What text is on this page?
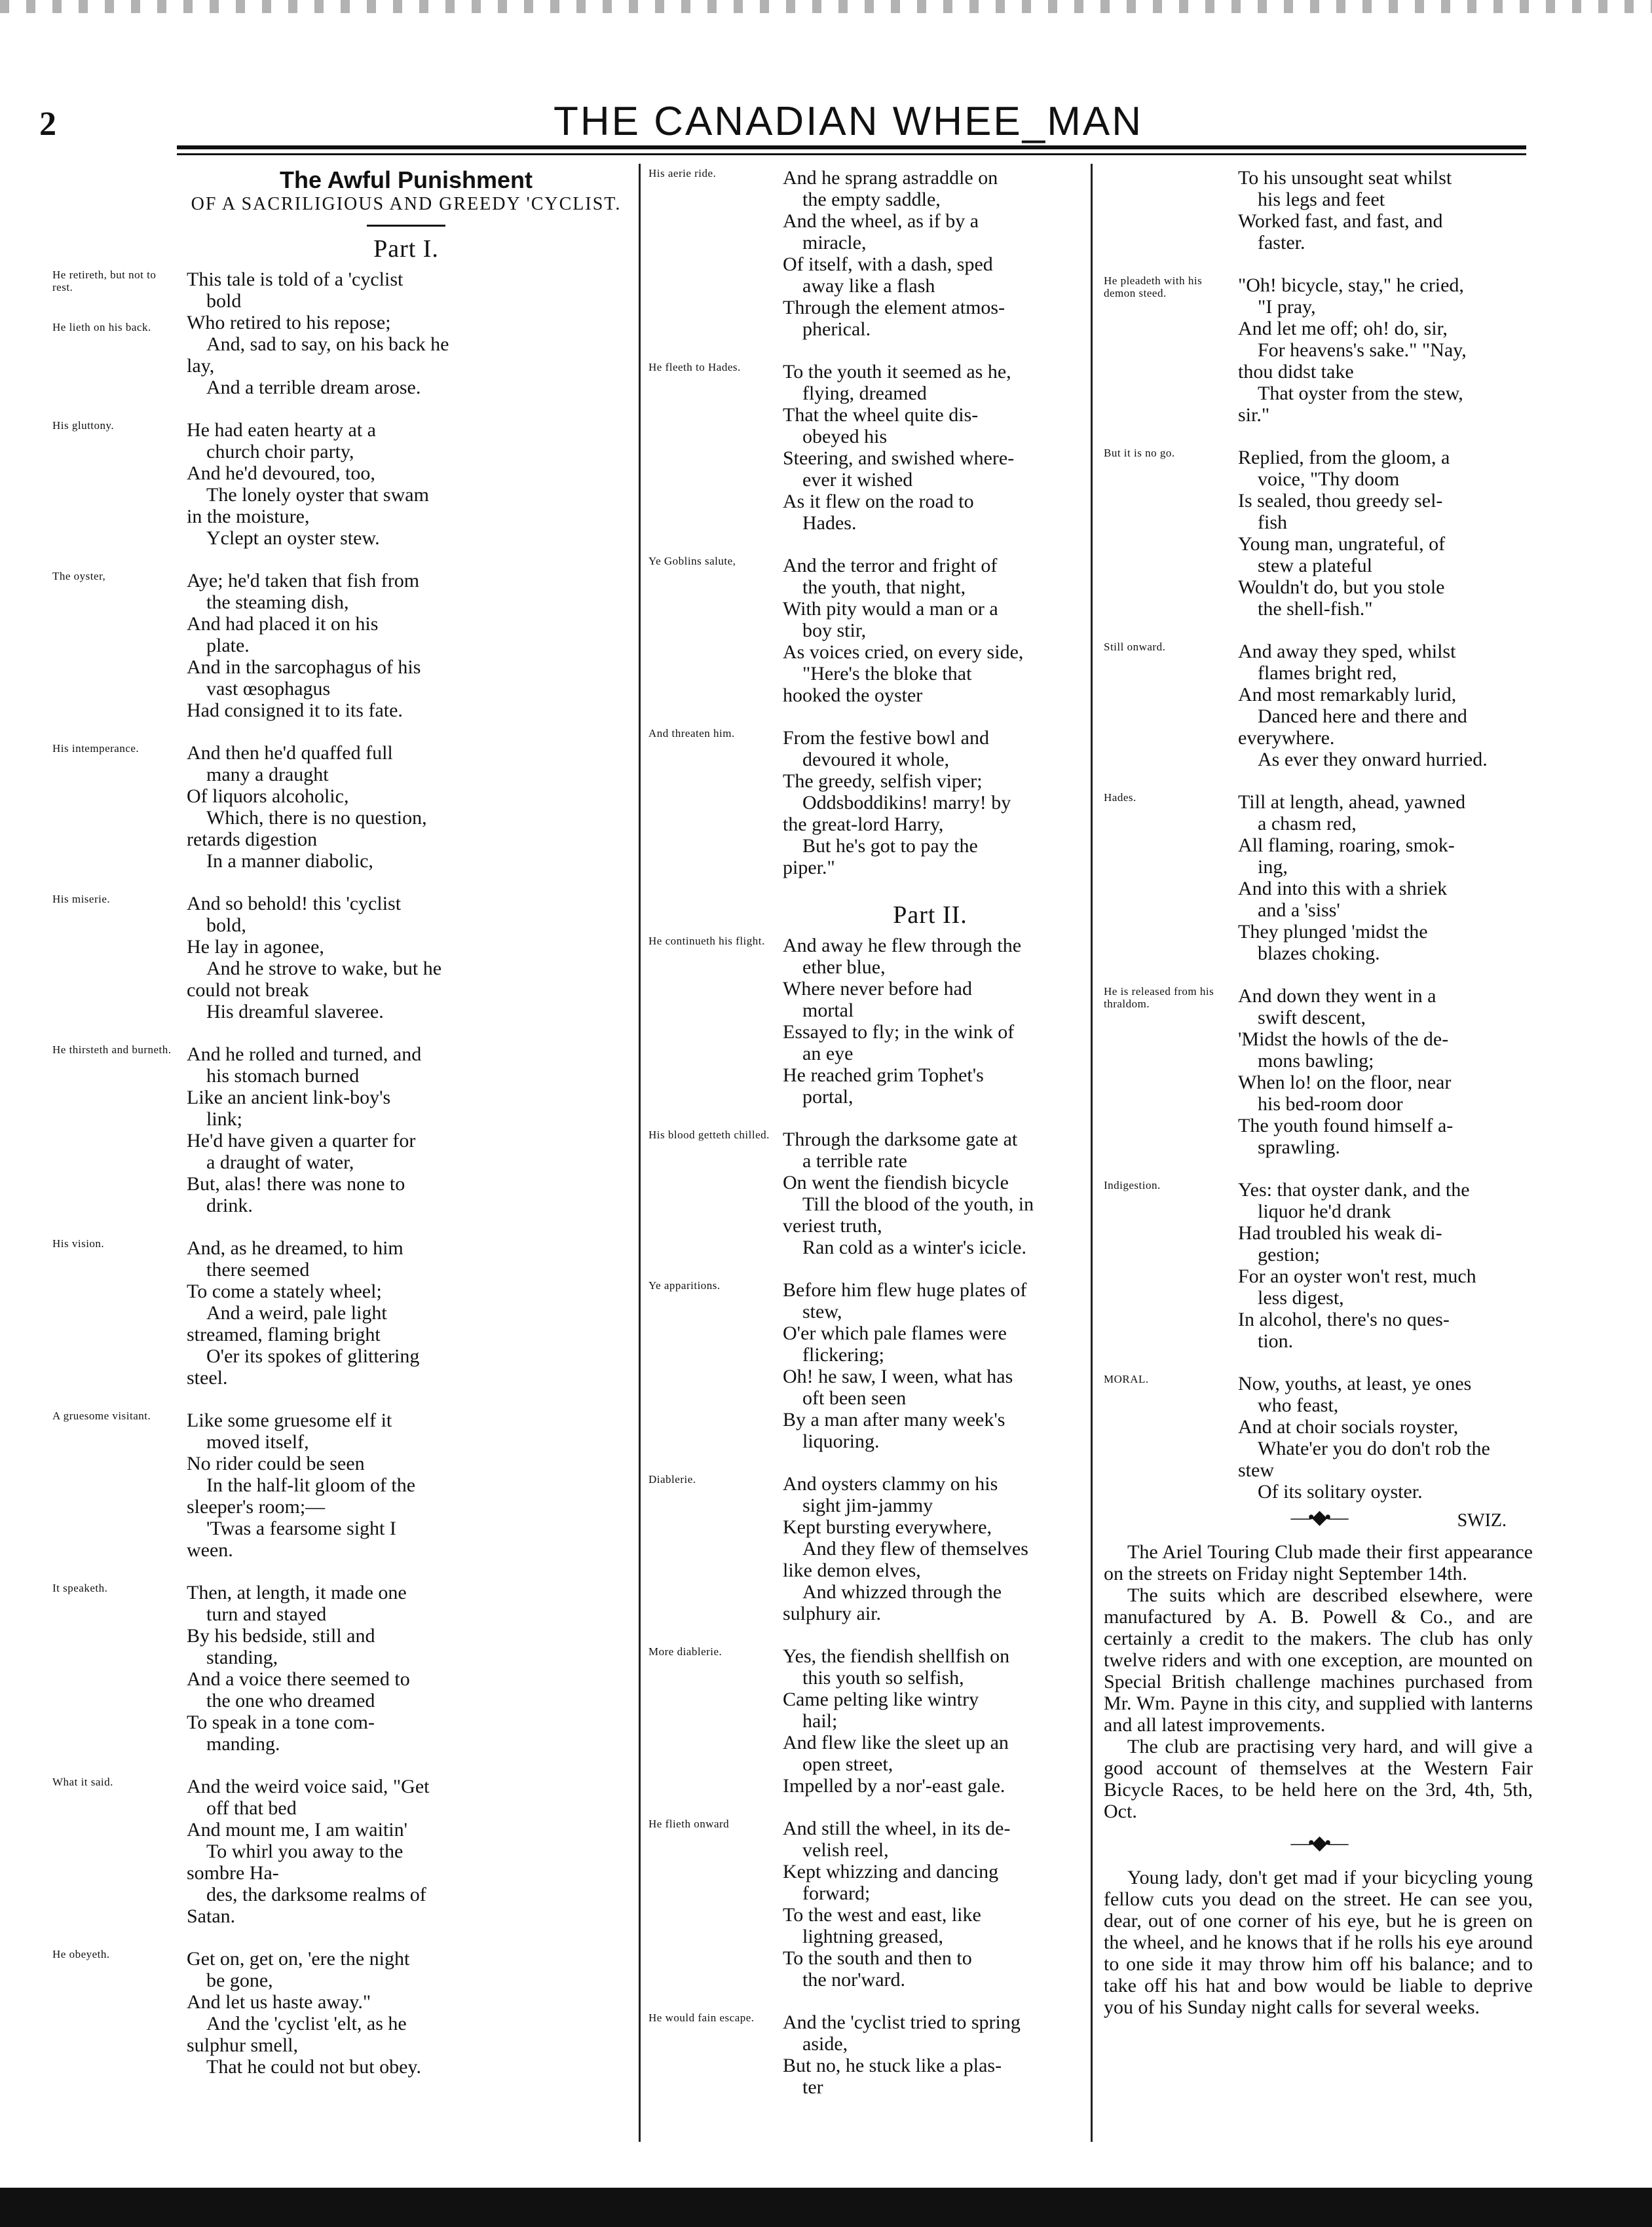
2	THE CANADIAN WHEE_MAN
The Awful Punishment
OF A SACRILIGIOUS AND GREEDY 'CYCLIST.
Part I.
He retireth, but not to rest.	This tale is told of a 'cyclist
bold
Who retired to his repose;
And, sad to say, on his back he
lay,
And a terrible dream arose.
He lieth on his back.
His gluttony.	He had eaten hearty at a
church choir party,
And he'd devoured, too,
The lonely oyster that swam
in the moisture,
Yclept an oyster stew.
The oyster,	Aye; he'd taken that fish from
the steaming dish,
And had placed it on his
plate.
And in the sarcophagus of his
vast œsophagus
Had consigned it to its fate.
His intemperance.	And then he'd quaffed full
many a draught
Of liquors alcoholic,
Which, there is no question,
retards digestion
In a manner diabolic,
His miserie.	And so behold! this 'cyclist
bold,
He lay in agonee,
And he strove to wake, but he
could not break
His dreamful slaveree.
He thirsteth and burneth. And he rolled and turned, and
his stomach burned
Like an ancient link-boy's
link;
He'd have given a quarter for
a draught of water,
But, alas! there was none to
drink.
His vision.	And, as he dreamed, to him
there seemed
To come a stately wheel;
And a weird, pale light
streamed, flaming bright
O'er its spokes of glittering
steel.
A gruesome visitant.	Like some gruesome elf it
moved itself,
No rider could be seen
In the half-lit gloom of the
sleeper's room;—
'Twas a fearsome sight I
ween.
It speaketh.	Then, at length, it made one
turn and stayed
By his bedside, still and
standing,
And a voice there seemed to
the one who dreamed
To speak in a tone com-
manding.
What it said.	And the weird voice said, "Get
off that bed
And mount me, I am waitin'
To whirl you away to the
sombre Ha-
des, the darksome realms of
Satan.
He obeyeth.	Get on, get on, 'ere the night
be gone,
And let us haste away."
And the 'cyclist 'elt, as he
sulphur smell,
That he could not but obey.
His aerie ride.	And he sprang astraddle on
the empty saddle,
And the wheel, as if by a
miracle,
Of itself, with a dash, sped
away like a flash
Through the element atmos-
pherical.
He fleeth to Hades.	To the youth it seemed as he,
flying, dreamed
That the wheel quite dis-
obeyed his
Steering, and swished where-
ever it wished
As it flew on the road to
Hades.
Ye Goblins salute,	And the terror and fright of
the youth, that night,
With pity would a man or a
boy stir,
As voices cried, on every side,
"Here's the bloke that
hooked the oyster
And threaten him.	From the festive bowl and
devoured it whole,
The greedy, selfish viper;
Oddsboddikins! marry! by
the great-lord Harry,
But he's got to pay the
piper."
Part II.
He continueth his flight. And away he flew through the
ether blue,
Where never before had
mortal
Essayed to fly; in the wink of
an eye
He reached grim Tophet's
portal,
His blood getteth chilled. Through the darksome gate at
a terrible rate
On went the fiendish bicycle
Till the blood of the youth, in
veriest truth,
Ran cold as a winter's icicle.
Ye apparitions.	Before him flew huge plates of
stew,
O'er which pale flames were
flickering;
Oh! he saw, I ween, what has
oft been seen
By a man after many week's
liquoring.
Diablerie.	And oysters clammy on his
sight jim-jammy
Kept bursting everywhere,
And they flew of themselves
like demon elves,
And whizzed through the
sulphury air.
More diablerie.	Yes, the fiendish shellfish on
this youth so selfish,
Came pelting like wintry
hail;
And flew like the sleet up an
open street,
Impelled by a nor'-east gale.
He flieth onward	And still the wheel, in its de-
velish reel,
Kept whizzing and dancing
forward;
To the west and east, like
lightning greased,
To the south and then to
the nor'ward.
He would fain escape.	And the 'cyclist tried to spring
aside,
But no, he stuck like a plas-
ter
To his unsought seat whilst
his legs and feet
Worked fast, and fast, and
faster.
He pleadeth with his demon steed.	"Oh! bicycle, stay," he cried,
"I pray,
And let me off; oh! do, sir,
For heavens's sake." "Nay,
thou didst take
That oyster from the stew,
sir."
But it is no go.	Replied, from the gloom, a
voice, "Thy doom
Is sealed, thou greedy sel-
fish
Young man, ungrateful, of
stew a plateful
Wouldn't do, but you stole
the shell-fish."
Still onward.	And away they sped, whilst
flames bright red,
And most remarkably lurid,
Danced here and there and
everywhere.
As ever they onward hurried.
Hades.	Till at length, ahead, yawned
a chasm red,
All flaming, roaring, smok-
ing,
And into this with a shriek
and a 'siss'
They plunged 'midst the
blazes choking.
He is released from his thraldom.	And down they went in a
swift descent,
'Midst the howls of the de-
mons bawling;
When lo! on the floor, near
his bed-room door
The youth found himself a-
sprawling.
Indigestion.	Yes: that oyster dank, and the
liquor he'd drank
Had troubled his weak di-
gestion;
For an oyster won't rest, much
less digest,
In alcohol, there's no ques-
tion.
MORAL.	Now, youths, at least, ye ones
who feast,
And at choir socials royster,
Whate'er you do don't rob the
stew
Of its solitary oyster.
SWIZ.
—•◆•—

The Ariel Touring Club made their first appearance on the streets on Friday night September 14th.

The suits which are described elsewhere, were manufactured by A. B. Powell & Co., and are certainly a credit to the makers. The club has only twelve riders and with one exception, are mounted on Special British challenge machines purchased from Mr. Wm. Payne in this city, and supplied with lanterns and all latest improvements.

The club are practising very hard, and will give a good account of themselves at the Western Fair Bicycle Races, to be held here on the 3rd, 4th, 5th, Oct.

—•◆•—

Young lady, don't get mad if your bicycling young fellow cuts you dead on the street. He can see you, dear, out of one corner of his eye, but he is green on the wheel, and he knows that if he rolls his eye around to one side it may throw him off his balance; and to take off his hat and bow would be liable to deprive you of his Sunday night calls for several weeks.
